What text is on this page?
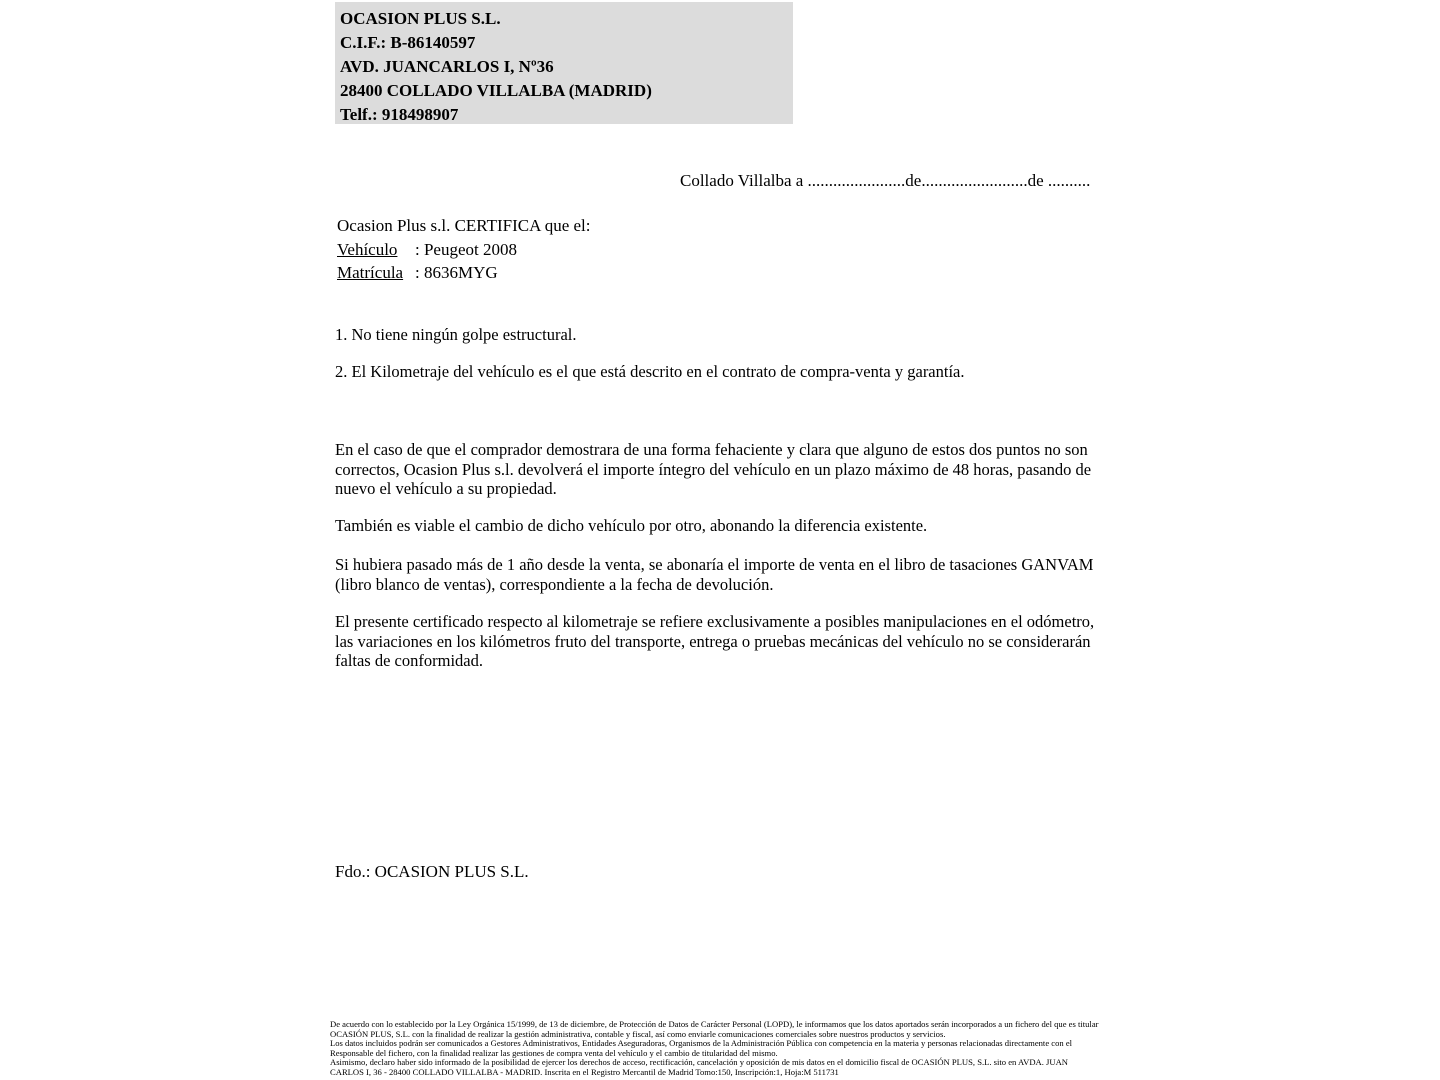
OCASION PLUS S.L.
C.I.F.: B-86140597
AVD. JUANCARLOS I, Nº36
28400 COLLADO VILLALBA (MADRID)
Telf.: 918498907
Collado Villalba a .......................de.........................de ..........
Ocasion Plus s.l. CERTIFICA que el:
Vehículo : Peugeot 2008
Matrícula : 8636MYG
1. No tiene ningún golpe estructural.
2. El Kilometraje del vehículo es el que está descrito en el contrato de compra-venta y garantía.
En el caso de que el comprador demostrara de una forma fehaciente y clara que alguno de estos dos puntos no son correctos, Ocasion Plus s.l. devolverá el importe íntegro del vehículo en un plazo máximo de 48 horas, pasando de nuevo el vehículo a su propiedad.
También es viable el cambio de dicho vehículo por otro, abonando la diferencia existente.
Si hubiera pasado más de 1 año desde la venta, se abonaría el importe de venta en el libro de tasaciones GANVAM (libro blanco de ventas), correspondiente a la fecha de devolución.
El presente certificado respecto al kilometraje se refiere exclusivamente a posibles manipulaciones en el odómetro, las variaciones en los kilómetros fruto del transporte, entrega o pruebas mecánicas del vehículo no se considerarán faltas de conformidad.
Fdo.: OCASION PLUS S.L.

De acuerdo con lo establecido por la Ley Orgánica 15/1999, de 13 de diciembre, de Protección de Datos de Carácter Personal (LOPD), le informamos que los datos aportados serán incorporados a un fichero del que es titular OCASIÓN PLUS, S.L. con la finalidad de realizar la gestión administrativa, contable y fiscal, así como enviarle comunicaciones comerciales sobre nuestros productos y servicios.

Los datos incluidos podrán ser comunicados a Gestores Administrativos, Entidades Aseguradoras, Organismos de la Administración Pública con competencia en la materia y personas relacionadas directamente con el Responsable del fichero, con la finalidad realizar las gestiones de compra venta del vehículo y el cambio de titularidad del mismo.

Asimismo, declaro haber sido informado de la posibilidad de ejercer los derechos de acceso, rectificación, cancelación y oposición de mis datos en el domicilio fiscal de OCASIÓN PLUS, S.L. sito en AVDA. JUAN CARLOS I, 36 - 28400 COLLADO VILLALBA - MADRID. Inscrita en el Registro Mercantil de Madrid Tomo:150, Inscripción:1, Hoja:M 511731
